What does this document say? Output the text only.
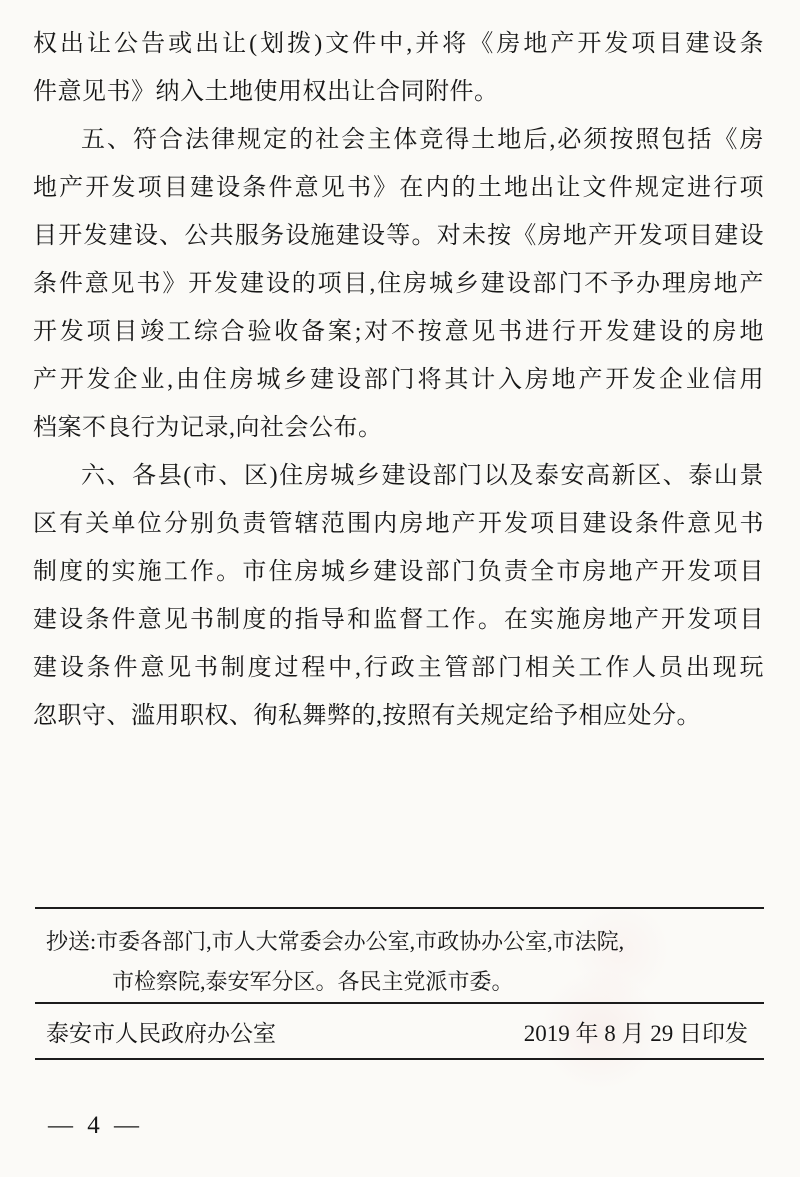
权出让公告或出让(划拨)文件中,并将《房地产开发项目建设条
件意见书》纳入土地使用权出让合同附件。
五、符合法律规定的社会主体竞得土地后,必须按照包括《房
地产开发项目建设条件意见书》在内的土地出让文件规定进行项
目开发建设、公共服务设施建设等。对未按《房地产开发项目建设
条件意见书》开发建设的项目,住房城乡建设部门不予办理房地产
开发项目竣工综合验收备案;对不按意见书进行开发建设的房地
产开发企业,由住房城乡建设部门将其计入房地产开发企业信用
档案不良行为记录,向社会公布。
六、各县(市、区)住房城乡建设部门以及泰安高新区、泰山景
区有关单位分别负责管辖范围内房地产开发项目建设条件意见书
制度的实施工作。市住房城乡建设部门负责全市房地产开发项目
建设条件意见书制度的指导和监督工作。在实施房地产开发项目
建设条件意见书制度过程中,行政主管部门相关工作人员出现玩
忽职守、滥用职权、徇私舞弊的,按照有关规定给予相应处分。
抄送:市委各部门,市人大常委会办公室,市政协办公室,市法院,
市检察院,泰安军分区。各民主党派市委。
泰安市人民政府办公室	2019 年 8 月 29 日印发
— 4 —
